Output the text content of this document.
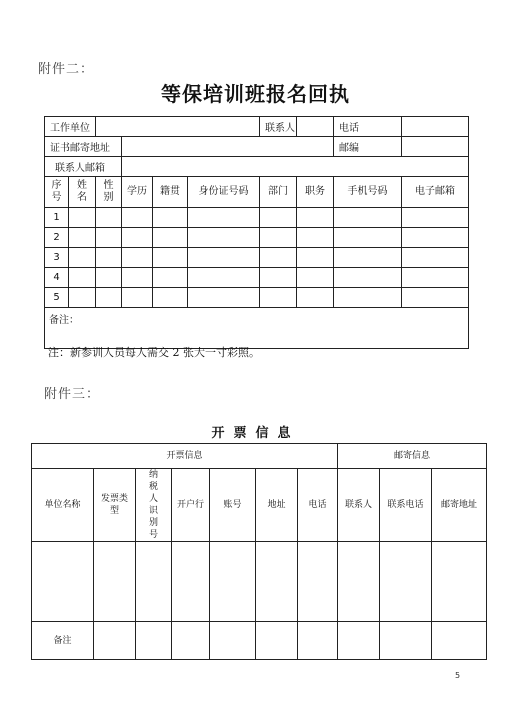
附件二：
等保培训班报名回执
工作单位						联系人		电话	
证书邮寄地址								邮编	
联系人邮箱									
序号	姓名	性别	学历	籍贯	身份证号码	部门	职务	手机号码	电子邮箱
1									
2									
3									
4									
5									
备注：									
注：新参训人员每人需交 2 张大一寸彩照。
附件三：
开票信息
开票信息							邮寄信息		
单位名称	发票类型	纳税人识别号	开户行	账号	地址	电话	联系人	联系电话	邮寄地址

备注									
5
